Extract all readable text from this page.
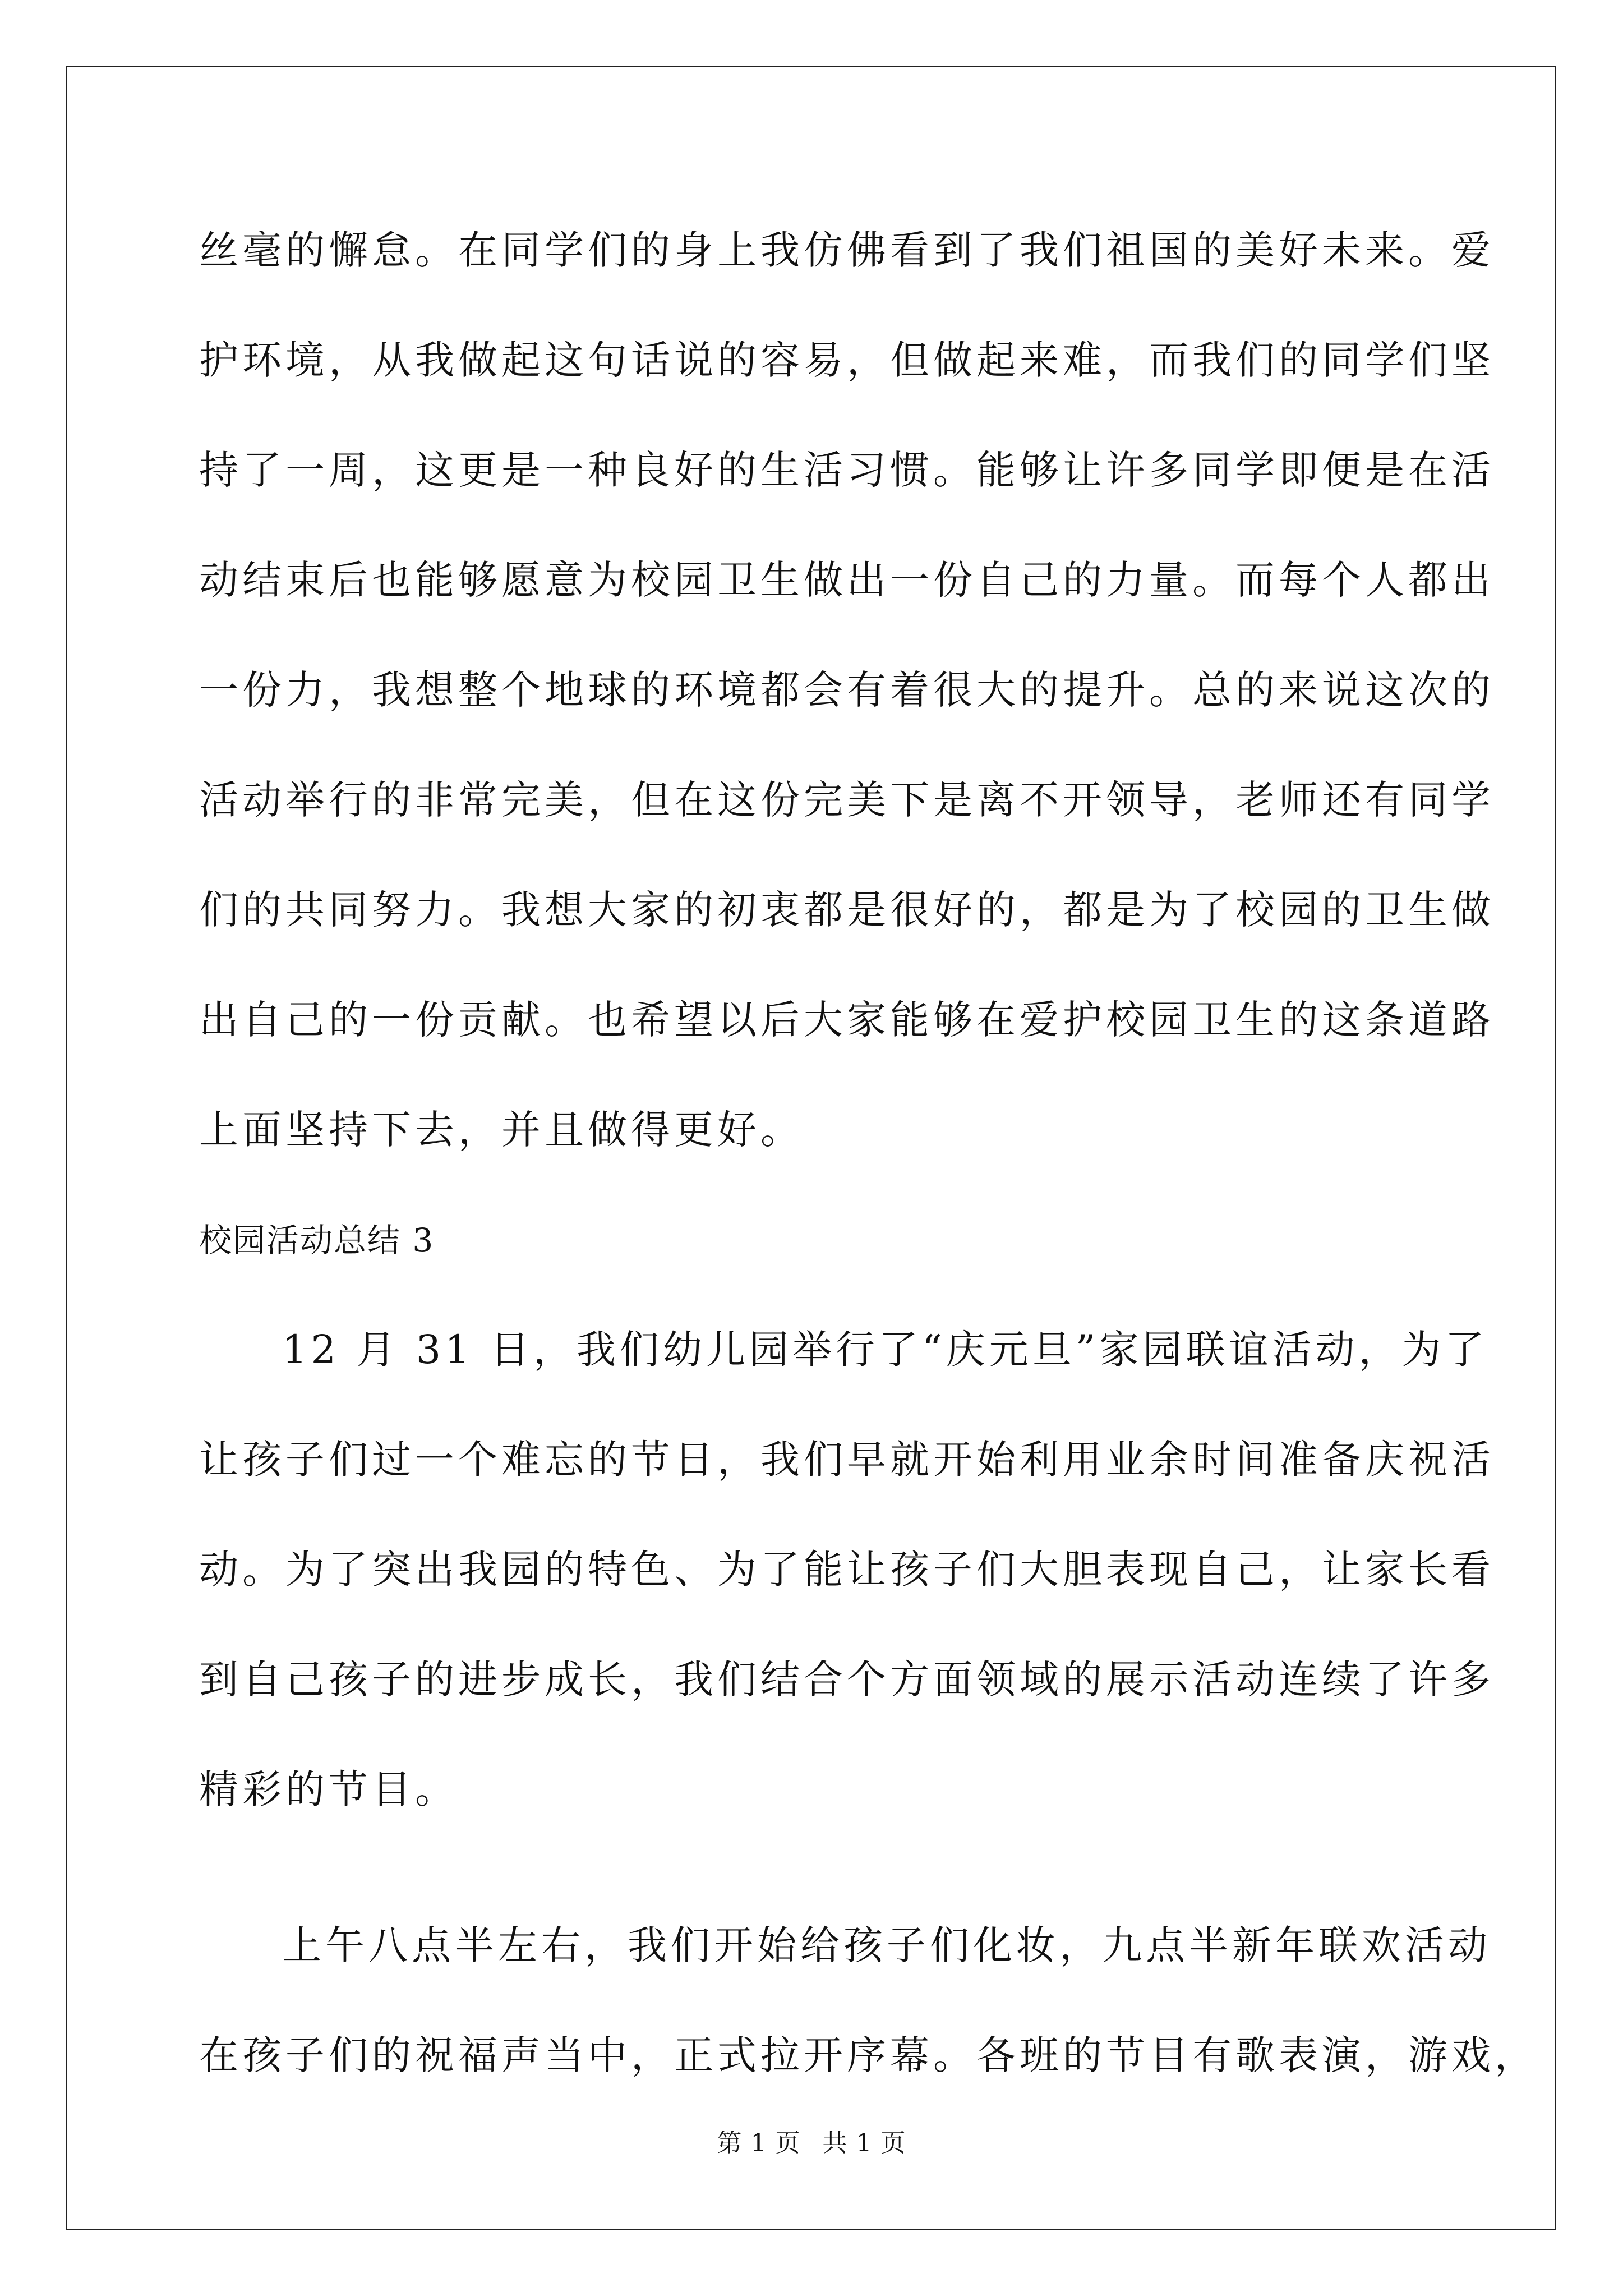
丝毫的懈怠。在同学们的身上我仿佛看到了我们祖国的美好未来。爱
护环境，从我做起这句话说的容易，但做起来难，而我们的同学们坚
持了一周，这更是一种良好的生活习惯。能够让许多同学即便是在活
动结束后也能够愿意为校园卫生做出一份自己的力量。而每个人都出
一份力，我想整个地球的环境都会有着很大的提升。总的来说这次的
活动举行的非常完美，但在这份完美下是离不开领导，老师还有同学
们的共同努力。我想大家的初衷都是很好的，都是为了校园的卫生做
出自己的一份贡献。也希望以后大家能够在爱护校园卫生的这条道路
上面坚持下去，并且做得更好。
校园活动总结 3
12 月 31 日，我们幼儿园举行了“庆元旦”家园联谊活动，为了
让孩子们过一个难忘的节日，我们早就开始利用业余时间准备庆祝活
动。为了突出我园的特色、为了能让孩子们大胆表现自己，让家长看
到自己孩子的进步成长，我们结合个方面领域的展示活动连续了许多
精彩的节目。
上午八点半左右，我们开始给孩子们化妆，九点半新年联欢活动
在孩子们的祝福声当中，正式拉开序幕。各班的节目有歌表演，游戏，
第 1 页 共 1 页
